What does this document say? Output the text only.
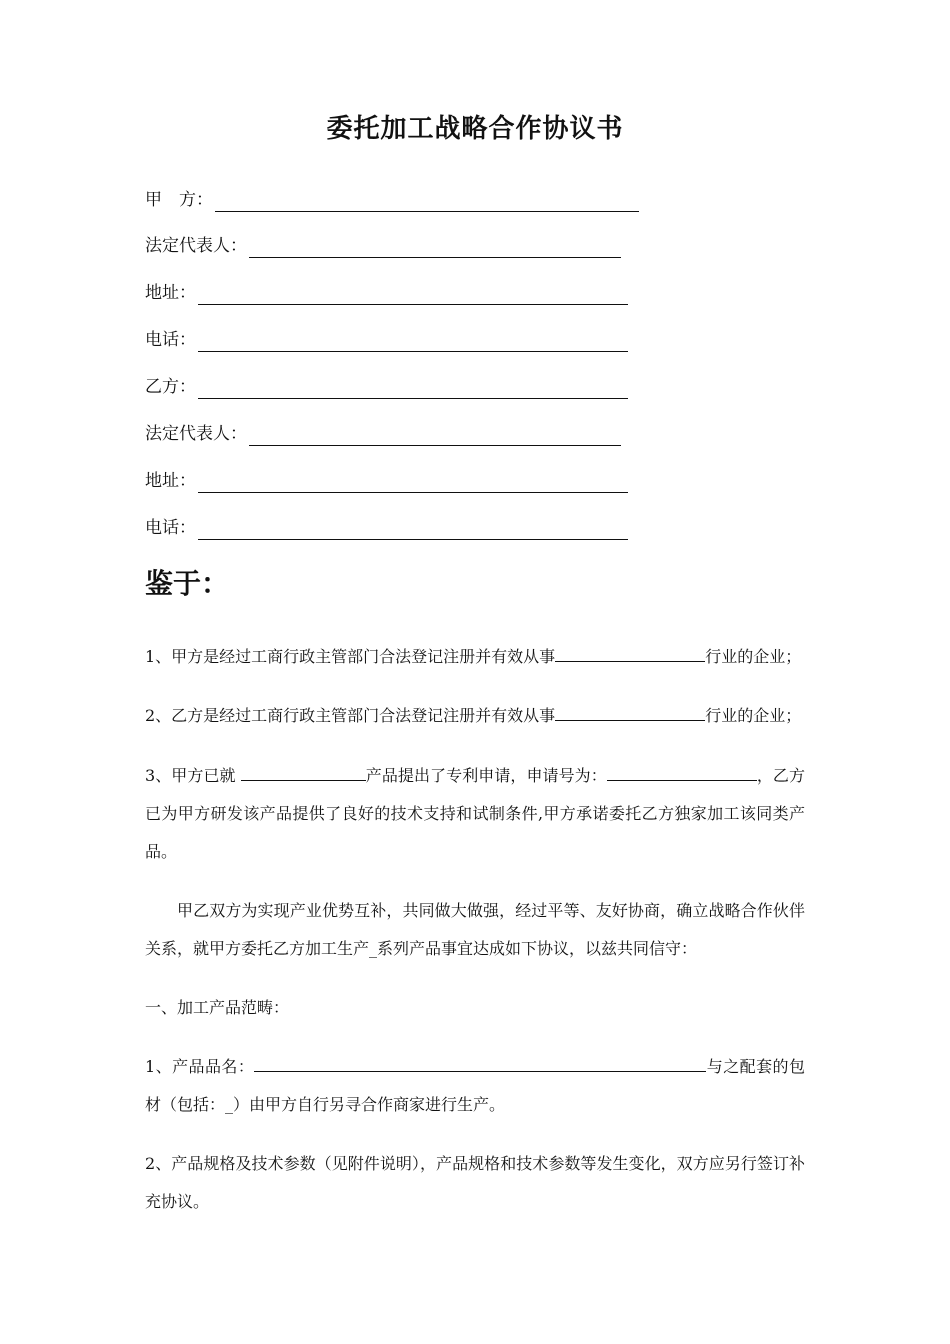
委托加工战略合作协议书
甲　方：
法定代表人：
地址：
电话：
乙方：
法定代表人：
地址：
电话：
鉴于：

1、甲方是经过工商行政主管部门合法登记注册并有效从事	行业的企业；

2、乙方是经过工商行政主管部门合法登记注册并有效从事	行业的企业；

3、甲方已就	产品提出了专利申请，申请号为：	，乙方已为甲方研发该产品提供了良好的技术支持和试制条件,甲方承诺委托乙方独家加工该同类产品。

甲乙双方为实现产业优势互补，共同做大做强，经过平等、友好协商，确立战略合作伙伴关系，就甲方委托乙方加工生产_系列产品事宜达成如下协议，以兹共同信守：

一、加工产品范畴：

1、产品品名：	与之配套的包材（包括：_）由甲方自行另寻合作商家进行生产。

2、产品规格及技术参数（见附件说明），产品规格和技术参数等发生变化，双方应另行签订补充协议。
